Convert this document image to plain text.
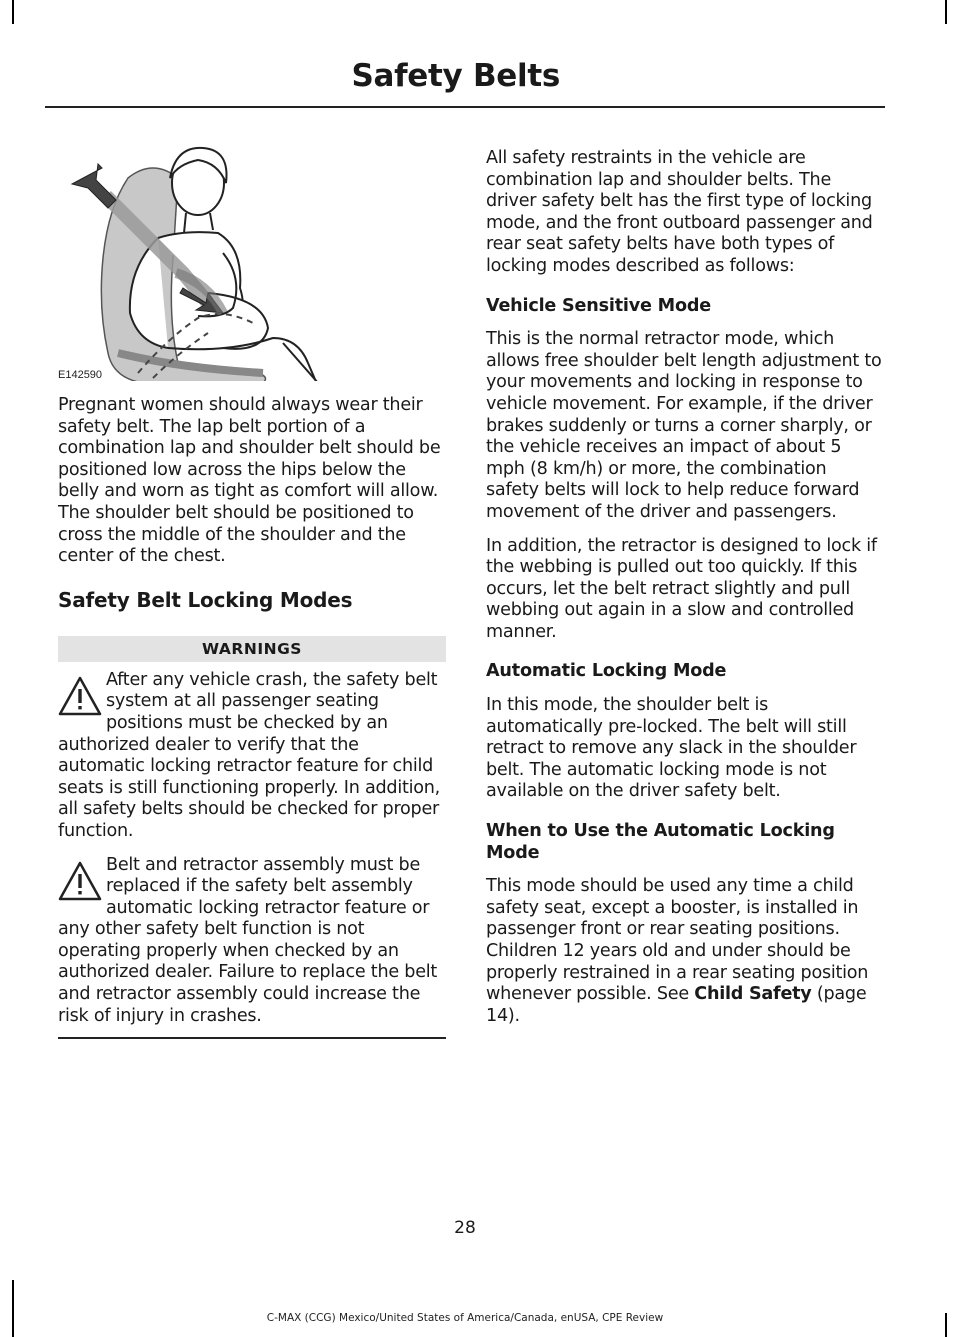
Safety Belts
E142590

Pregnant women should always wear their safety belt. The lap belt portion of a combination lap and shoulder belt should be positioned low across the hips below the belly and worn as tight as comfort will allow. The shoulder belt should be positioned to cross the middle of the shoulder and the center of the chest.

Safety Belt Locking Modes
WARNINGS
After any vehicle crash, the safety belt system at all passenger seating positions must be checked by an authorized dealer to verify that the automatic locking retractor feature for child seats is still functioning properly. In addition, all safety belts should be checked for proper function.
Belt and retractor assembly must be replaced if the safety belt assembly automatic locking retractor feature or any other safety belt function is not operating properly when checked by an authorized dealer. Failure to replace the belt and retractor assembly could increase the risk of injury in crashes.

All safety restraints in the vehicle are combination lap and shoulder belts. The driver safety belt has the first type of locking mode, and the front outboard passenger and rear seat safety belts have both types of locking modes described as follows:

Vehicle Sensitive Mode

This is the normal retractor mode, which allows free shoulder belt length adjustment to your movements and locking in response to vehicle movement. For example, if the driver brakes suddenly or turns a corner sharply, or the vehicle receives an impact of about 5 mph (8 km/h) or more, the combination safety belts will lock to help reduce forward movement of the driver and passengers.

In addition, the retractor is designed to lock if the webbing is pulled out too quickly. If this occurs, let the belt retract slightly and pull webbing out again in a slow and controlled manner.

Automatic Locking Mode

In this mode, the shoulder belt is automatically pre-locked. The belt will still retract to remove any slack in the shoulder belt. The automatic locking mode is not available on the driver safety belt.

When to Use the Automatic Locking Mode

This mode should be used any time a child safety seat, except a booster, is installed in passenger front or rear seating positions. Children 12 years old and under should be properly restrained in a rear seating position whenever possible. See Child Safety (page 14).

28
C-MAX (CCG) Mexico/United States of America/Canada, enUSA, CPE Review
